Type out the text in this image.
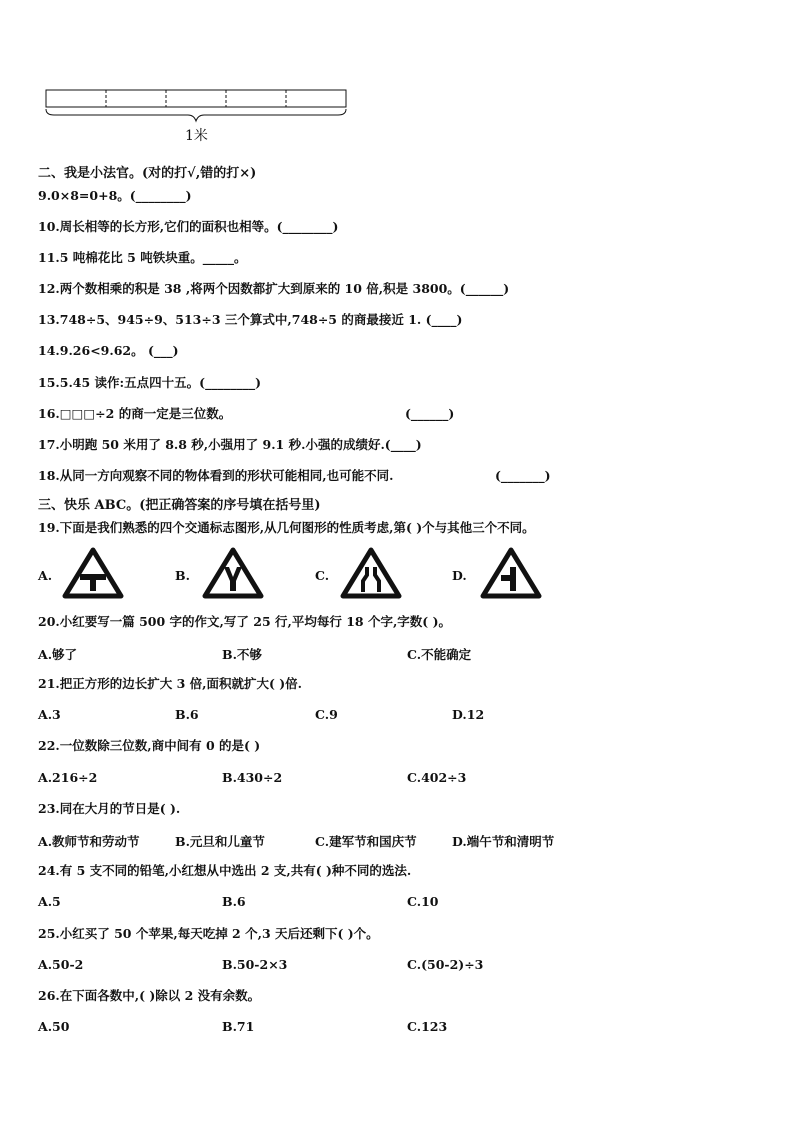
1米
二、我是小法官。(对的打√,错的打×)
9.0×8=0+8。(________)
10.周长相等的长方形,它们的面积也相等。(________)
11.5 吨棉花比 5 吨铁块重。_____。
12.两个数相乘的积是 38 ,将两个因数都扩大到原来的 10 倍,积是 3800。(______)
13.748÷5、945÷9、513÷3 三个算式中,748÷5 的商最接近 1. (____)
14.9.26<9.62。 (___)
15.5.45 读作:五点四十五。(________)
16.□□□÷2 的商一定是三位数。	(______)
17.小明跑 50 米用了 8.8 秒,小强用了 9.1 秒.小强的成绩好.(____)
18.从同一方向观察不同的物体看到的形状可能相同,也可能不同.	(_______)
三、快乐 ABC。(把正确答案的序号填在括号里)
19.下面是我们熟悉的四个交通标志图形,从几何图形的性质考虑,第( )个与其他三个不同。
A.	B.	C.	D.
20.小红要写一篇 500 字的作文,写了 25 行,平均每行 18 个字,字数( )。
A.够了	B.不够	C.不能确定
21.把正方形的边长扩大 3 倍,面积就扩大( )倍.
A.3	B.6	C.9	D.12
22.一位数除三位数,商中间有 0 的是( )
A.216÷2	B.430÷2	C.402÷3
23.同在大月的节日是( ).
A.教师节和劳动节	B.元旦和儿童节	C.建军节和国庆节	D.端午节和清明节
24.有 5 支不同的铅笔,小红想从中选出 2 支,共有( )种不同的选法.
A.5	B.6	C.10
25.小红买了 50 个苹果,每天吃掉 2 个,3 天后还剩下( )个。
A.50-2	B.50-2×3	C.(50-2)÷3
26.在下面各数中,( )除以 2 没有余数。
A.50	B.71	C.123
